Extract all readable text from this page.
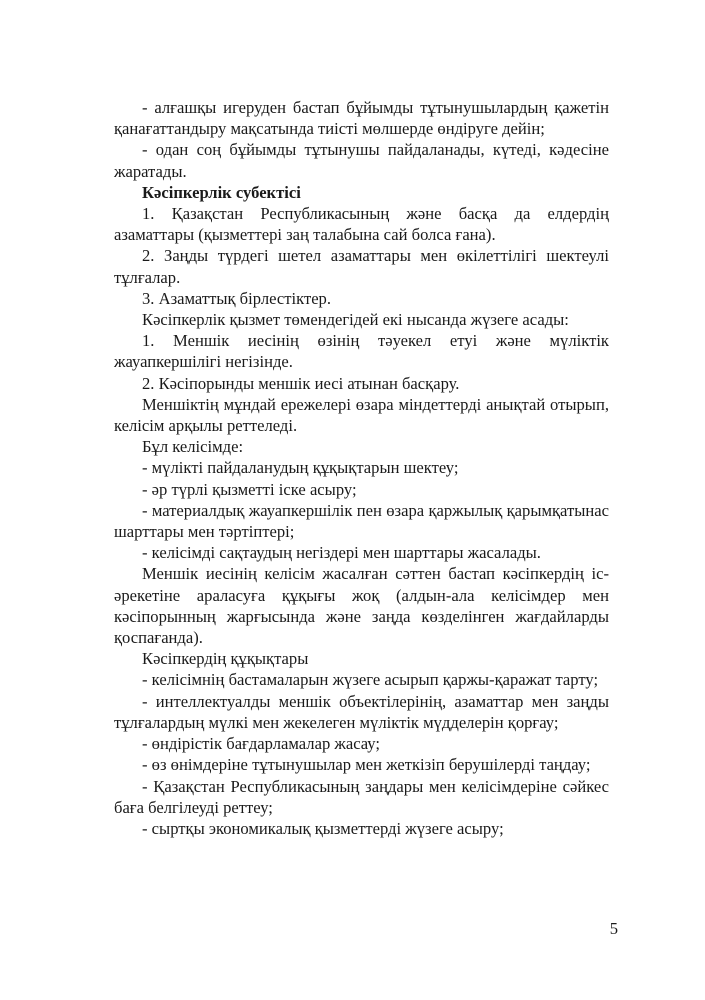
- алғашқы игеруден бастап бұйымды тұтынушылардың қажетін қанағаттандыру мақсатында тиісті мөлшерде өндіруге дейін;

- одан соң бұйымды тұтынушы пайдаланады, күтеді, кәдесіне жаратады.

Кәсіпкерлік субектісі

1. Қазақстан Республикасының және басқа да елдердің азаматтары (қызметтері заң талабына сай болса ғана).

2. Заңды түрдегі шетел азаматтары мен өкілеттілігі шектеулі тұлғалар.

3. Азаматтық бірлестіктер.

Кәсіпкерлік қызмет төмендегідей екі нысанда жүзеге асады:

1. Меншік иесінің өзінің тәуекел етуі және мүліктік жауапкершілігі негізінде.

2. Кәсіпорынды меншік иесі атынан басқару.

Меншіктің мұндай ережелері өзара міндеттерді анықтай отырып, келісім арқылы реттеледі.

Бұл келісімде:

- мүлікті пайдаланудың құқықтарын шектеу;

- әр түрлі қызметті іске асыру;

- материалдық жауапкершілік пен өзара қаржылық қарымқатынас шарттары мен тәртіптері;

- келісімді сақтаудың негіздері мен шарттары жасалады.

Меншік иесінің келісім жасалған сәттен бастап кәсіпкердің іс-әрекетіне араласуға құқығы жоқ (алдын-ала келісімдер мен кәсіпорынның жарғысында және заңда көзделінген жағдайларды қоспағанда).

Кәсіпкердің құқықтары

- келісімнің бастамаларын жүзеге асырып қаржы-қаражат тарту;

- интеллектуалды меншік объектілерінің, азаматтар мен заңды тұлғалардың мүлкі мен жекелеген мүліктік мүдделерін қорғау;

- өндірістік бағдарламалар жасау;

- өз өнімдеріне тұтынушылар мен жеткізіп берушілерді таңдау;

- Қазақстан Республикасының заңдары мен келісімдеріне сәйкес баға белгілеуді реттеу;

- сыртқы экономикалық қызметтерді жүзеге асыру;

5
